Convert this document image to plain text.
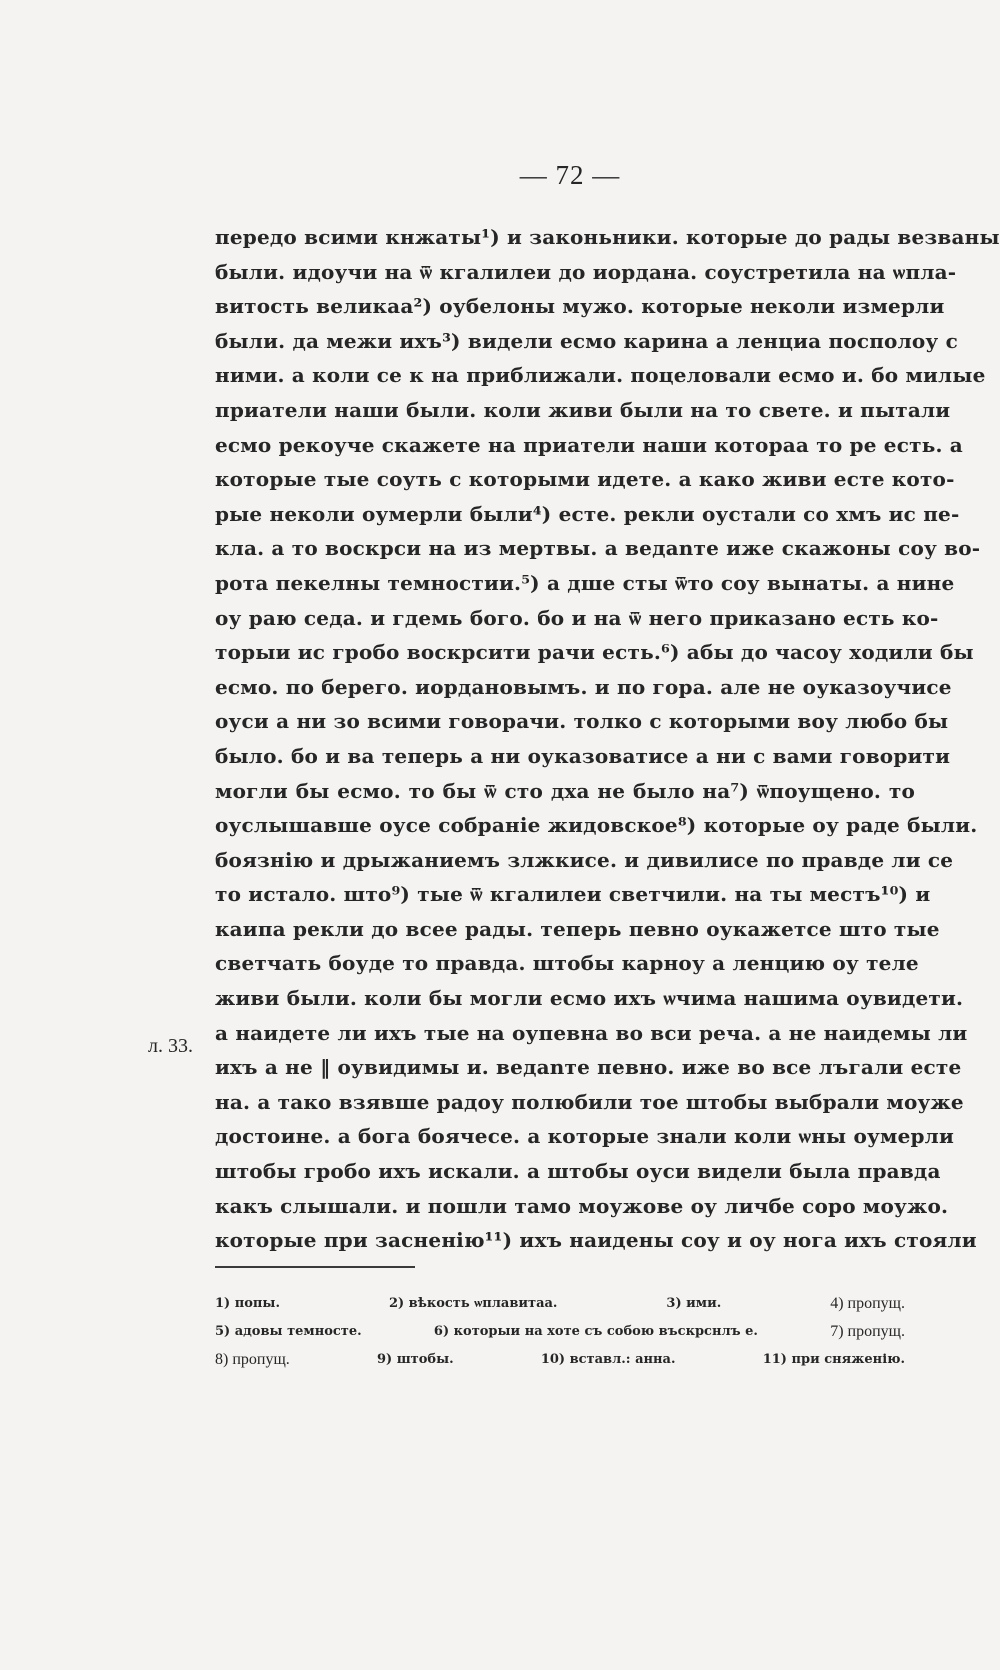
— 72 —
л. 33.
передо всими кнжаты¹) и законьники. которые до рады везваны
были. идоучи на ѿ кгалилеи до иордана. соустретила на ѡплa-
витость великаа²) оубелоны мужо. которые некoли измерли
были. да межи ихъ³) видели есмо карина а ленциа посполоу с
ними. а коли се к на приближали. поцеловали есмо и. бо милые
приатели наши были. коли живи были на то свете. и пытали
есмо рекоуче скажете на приатели наши которaа то ре есть. а
которые тые соуть с которыми идете. а како живи есте кото-
рые некoли оумерли были⁴) есте. рекли оустали со хмъ ис пе-
кла. а то воскрси на из мертвы. а ведаnте иже скажоны соу во-
рота пекелны темностии.⁵) а дше сты ѿто соу вынаты. а нине
оу раю седа. и гдемь бого. бо и на ѿ него приказано есть ко-
торыи ис гробо воскрсити рачи есть.⁶) абы до часоу ходили бы
есмо. по берего. иордановымъ. и по гора. але не оуказоучисе
оуси а ни зо всими говорачи. толко с которыми воу любо бы
было. бо и ва теперь а ни оуказоватисе а ни с вами говорити
могли бы есмо. то бы ѿ сто дха не было на⁷) ѿпоущено. то
оуслышавше оусе собраніе жидовское⁸) которые оу раде были.
боязнію и дрыжаниемъ злжкисе. и дивилисе по правде ли се
то истало. што⁹) тые ѿ кгалилеи светчили. на ты местъ¹⁰) и
каипа рекли до всее рады. теперь певно оукажетсе што тые
светчать боуде то правда. штобы карноу а ленцию оу теле
живи были. коли бы могли есмо ихъ ѡчима нашима оувидети.
а наидете ли ихъ тые на оупевна во вси реча. а не наидемы ли
ихъ а не ‖ оувидимы и. ведаnте певно. иже во все лъгали есте
на. а тако взявше радоу полюбили тое штобы выбрали моуже
достоине. а бога боячесе. а которые знали коли ѡны оумерли
штобы гробо ихъ искали. а штобы оуси видели была правда
какъ слышали. и пошли тамо моужове оу личбе соро моужо.
которые при засненію¹¹) ихъ наидены соу и оу нога ихъ стояли
1) попы.	2) вѣкость ѡплавитаа.	3) ими.	4) пропущ.
5) адовы темносте.	6) которыи на хоте съ собою въскрснлъ е.	7) пропущ.
8) пропущ.	9) штобы.	10) вставл.: анна.	11) при сняженію.
